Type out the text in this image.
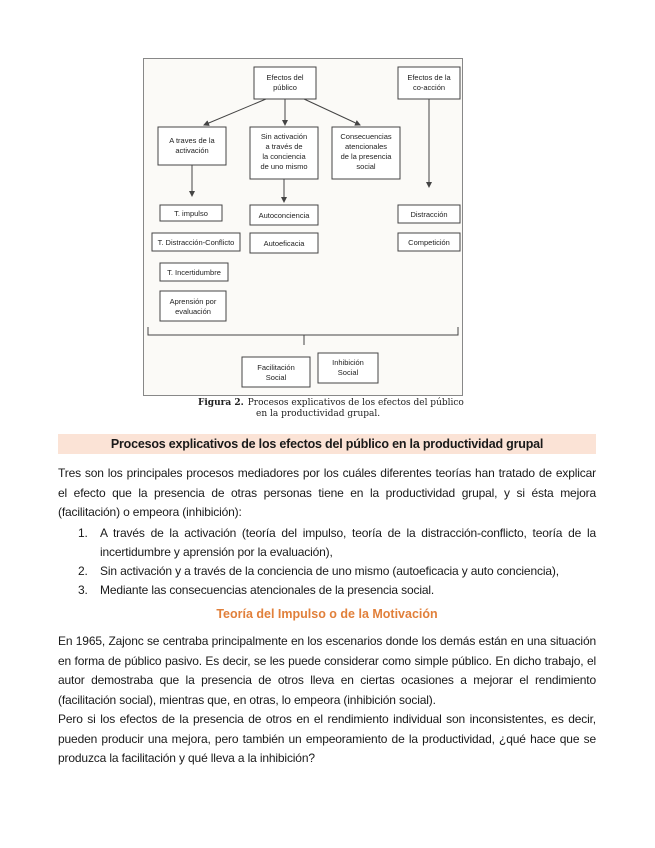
Efectos del público
Efectos de la co-acción
A traves de la activación
Sin activación a través de la conciencia de uno mismo
Consecuencias atencionales de la presencia social
T. impulso
T. Distracción-Conflicto
T. Incertidumbre
Aprensión por evaluación
Autoconciencia
Autoeficacia
Distracción
Competición
Facilitación Social
Inhibición Social
Figura 2. Procesos explicativos de los efectos del público
en la productividad grupal.
Procesos explicativos de los efectos del público en la productividad grupal

Tres son los principales procesos mediadores por los cuáles diferentes teorías han tratado de explicar el efecto que la presencia de otras personas tiene en la productividad grupal, y si ésta mejora (facilitación) o empeora (inhibición):

1. A través de la activación (teoría del impulso, teoría de la distracción-conflicto, teoría de la incertidumbre y aprensión por la evaluación),
2. Sin activación y a través de la conciencia de uno mismo (autoeficacia y auto conciencia),
3. Mediante las consecuencias atencionales de la presencia social.
Teoría del Impulso o de la Motivación

En 1965, Zajonc se centraba principalmente en los escenarios donde los demás están en una situación en forma de público pasivo. Es decir, se les puede considerar como simple público. En dicho trabajo, el autor demostraba que la presencia de otros lleva en ciertas ocasiones a mejorar el rendimiento (facilitación social), mientras que, en otras, lo empeora (inhibición social).

Pero si los efectos de la presencia de otros en el rendimiento individual son inconsistentes, es decir, pueden producir una mejora, pero también un empeoramiento de la productividad, ¿qué hace que se produzca la facilitación y qué lleva a la inhibición?
